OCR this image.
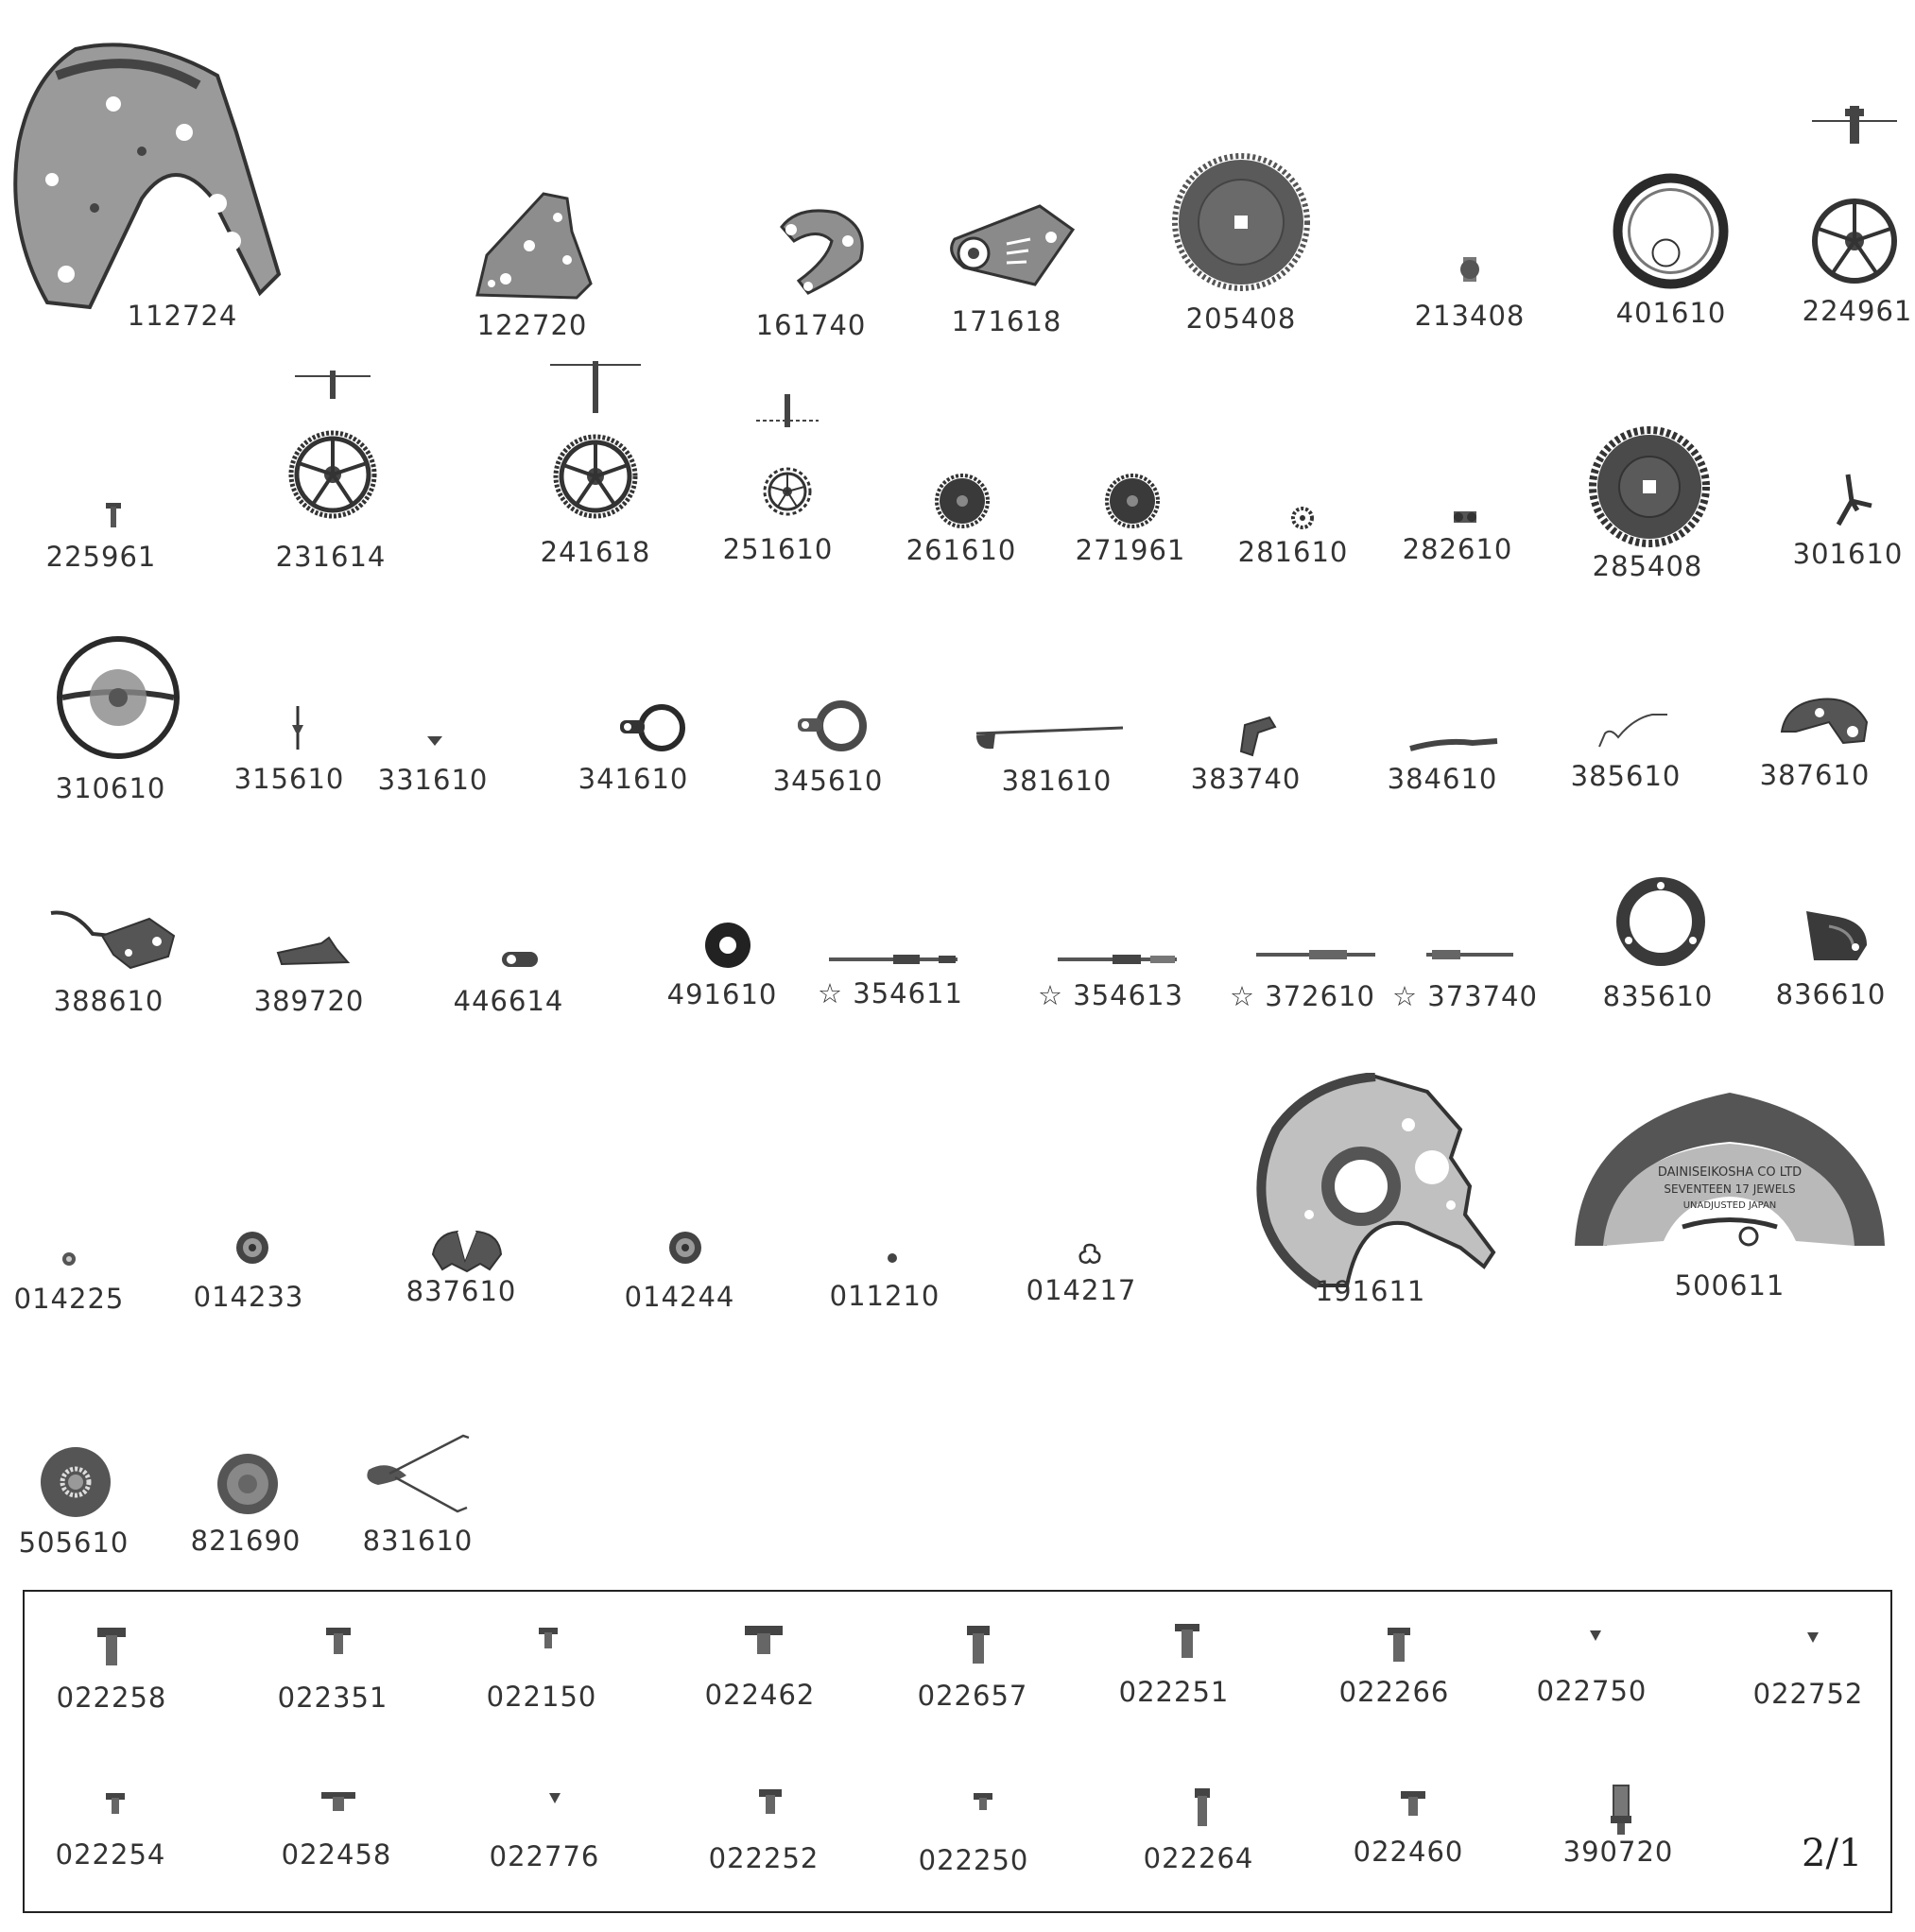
112724	122720	161740	171618	205408	213408	401610	224961
225961	231614	241618	251610	261610 271961 281610 282610
285408	301610
310610 315610 331610	341610	345610	381610	383740	384610	385610	387610
388610	389720	446614	491610 ☆ 354611	☆ 354613 ☆ 372610 ☆ 373740 835610 836610
014225	014233	837610	014244	011210	014217	191611
DAINISEIKOSHA CO LTD
SEVENTEEN 17 JEWELS
UNADJUSTED JAPAN
500611
505610 821690 831610
022258	022351	022150	022462	022657	022251	022266	022750	022752
022254	022458	022776	022252	022250	022264	022460	390720	2/1
